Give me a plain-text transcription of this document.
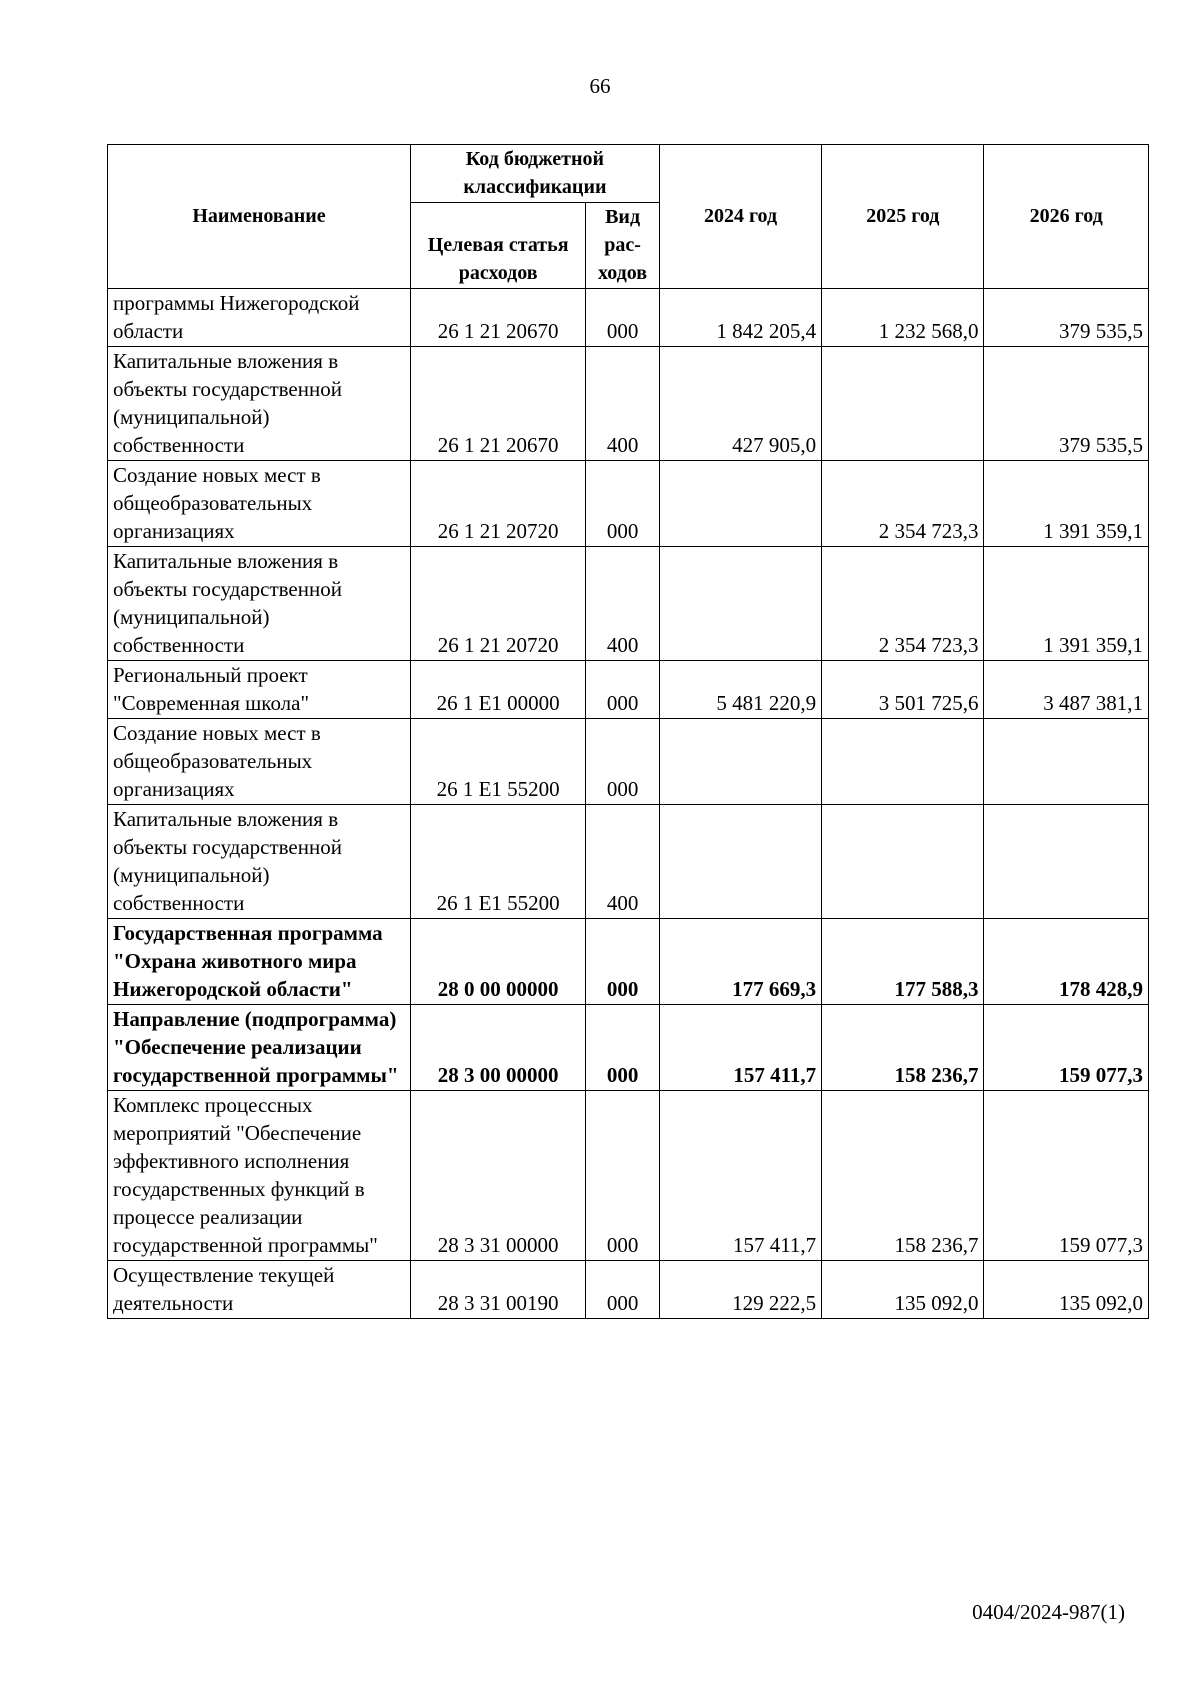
66
Наименование	Код бюджетной классификации		2024 год	2025 год	2026 год
	Целевая статья расходов	Вид рас- ходов			
программы Нижегородской области	26 1 21 20670	000	1 842 205,4	1 232 568,0	379 535,5
Капитальные вложения в объекты государственной (муниципальной) собственности	26 1 21 20670	400	427 905,0		379 535,5
Создание новых мест в общеобразовательных организациях	26 1 21 20720	000		2 354 723,3	1 391 359,1
Капитальные вложения в объекты государственной (муниципальной) собственности	26 1 21 20720	400		2 354 723,3	1 391 359,1
Региональный проект "Современная школа"	26 1 E1 00000	000	5 481 220,9	3 501 725,6	3 487 381,1
Создание новых мест в общеобразовательных организациях	26 1 E1 55200	000			
Капитальные вложения в объекты государственной (муниципальной) собственности	26 1 E1 55200	400			
Государственная программа "Охрана животного мира Нижегородской области"	28 0 00 00000	000	177 669,3	177 588,3	178 428,9
Направление (подпрограмма) "Обеспечение реализации государственной программы"	28 3 00 00000	000	157 411,7	158 236,7	159 077,3
Комплекс процессных мероприятий "Обеспечение эффективного исполнения государственных функций в процессе реализации государственной программы"	28 3 31 00000	000	157 411,7	158 236,7	159 077,3
Осуществление текущей деятельности	28 3 31 00190	000	129 222,5	135 092,0	135 092,0
0404/2024-987(1)
